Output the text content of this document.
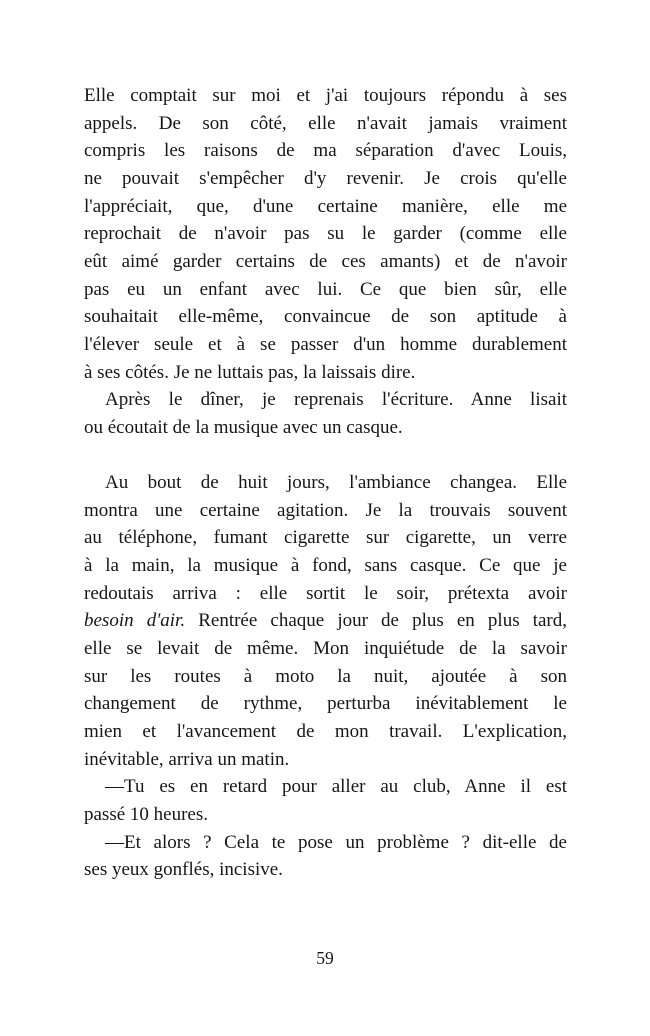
Elle comptait sur moi et j'ai toujours répondu à ses
appels. De son côté, elle n'avait jamais vraiment
compris les raisons de ma séparation d'avec Louis,
ne pouvait s'empêcher d'y revenir. Je crois qu'elle
l'appréciait, que, d'une certaine manière, elle me
reprochait de n'avoir pas su le garder (comme elle
eût aimé garder certains de ces amants) et de n'avoir
pas eu un enfant avec lui. Ce que bien sûr, elle
souhaitait elle-même, convaincue de son aptitude à
l'élever seule et à se passer d'un homme durablement
à ses côtés. Je ne luttais pas, la laissais dire.
Après le dîner, je reprenais l'écriture. Anne lisait
ou écoutait de la musique avec un casque.
Au bout de huit jours, l'ambiance changea. Elle
montra une certaine agitation. Je la trouvais souvent
au téléphone, fumant cigarette sur cigarette, un verre
à la main, la musique à fond, sans casque. Ce que je
redoutais arriva : elle sortit le soir, prétexta avoir
besoin d'air. Rentrée chaque jour de plus en plus tard,
elle se levait de même. Mon inquiétude de la savoir
sur les routes à moto la nuit, ajoutée à son
changement de rythme, perturba inévitablement le
mien et l'avancement de mon travail. L'explication,
inévitable, arriva un matin.
—Tu es en retard pour aller au club, Anne il est
passé 10 heures.
—Et alors ? Cela te pose un problème ? dit-elle de
ses yeux gonflés, incisive.
59
